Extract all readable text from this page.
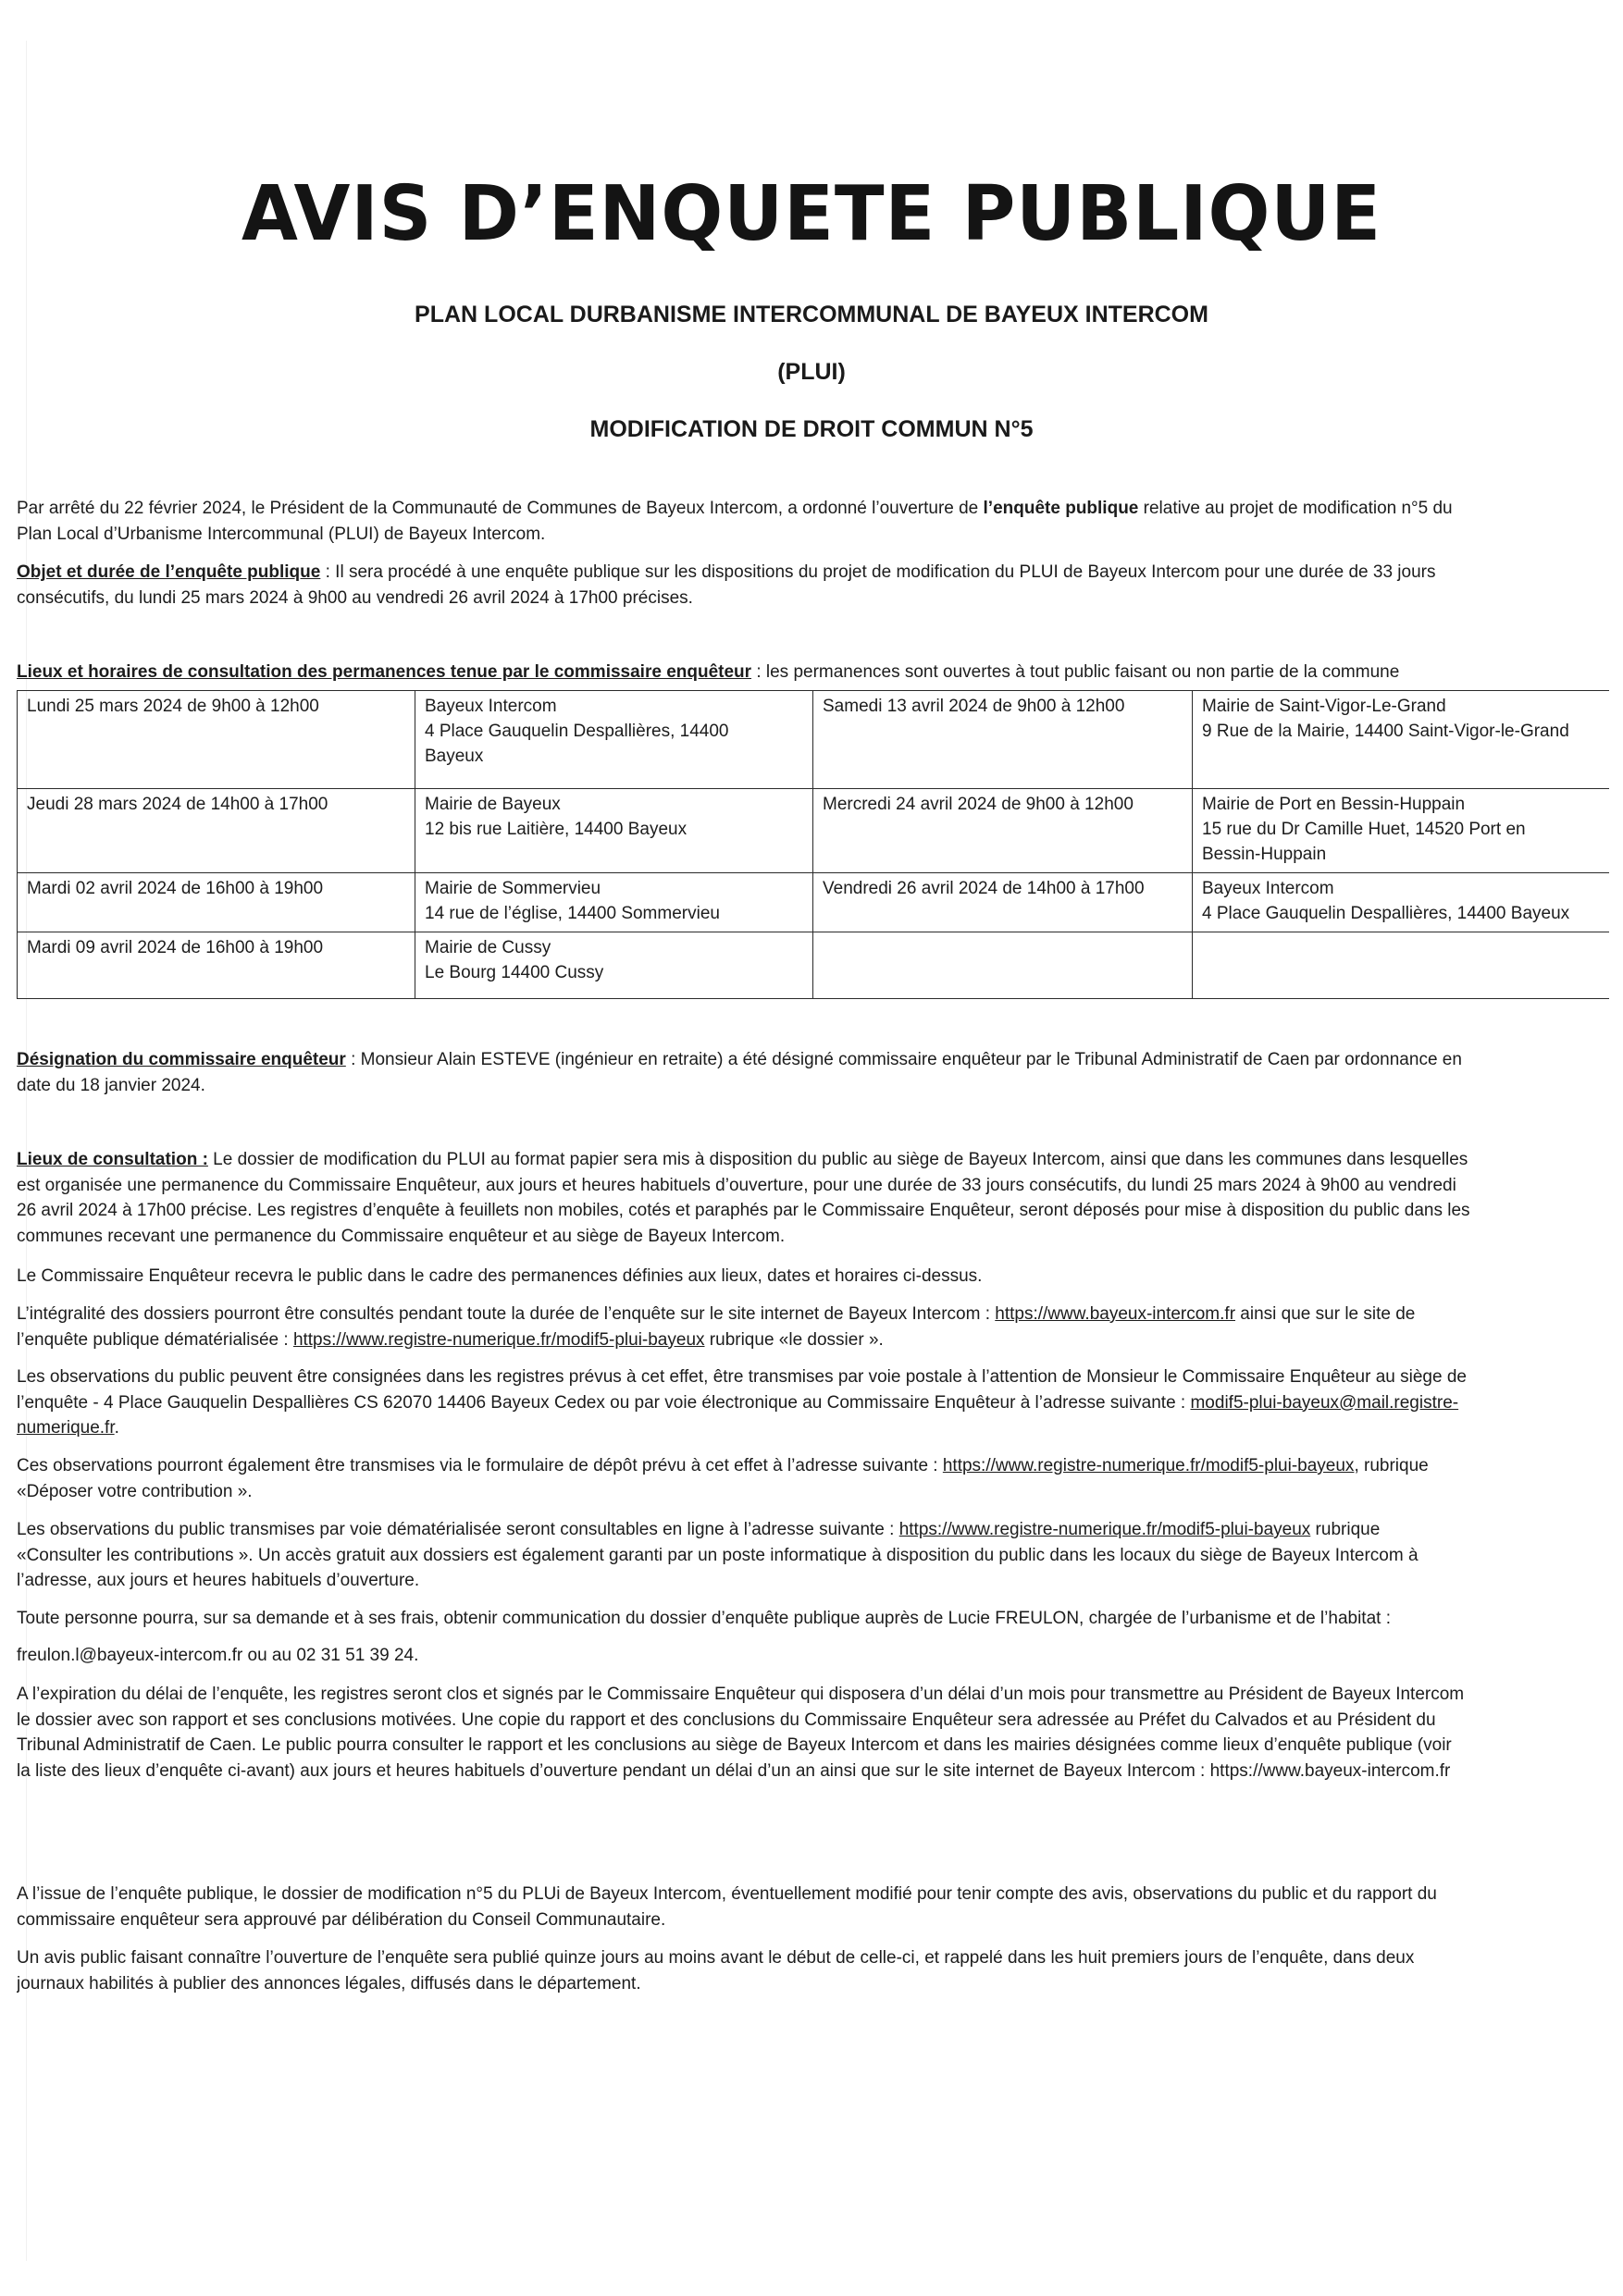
AVIS D’ENQUETE PUBLIQUE
PLAN LOCAL DURBANISME INTERCOMMUNAL DE BAYEUX INTERCOM
(PLUI)
MODIFICATION DE DROIT COMMUN N°5
Par arrêté du 22 février 2024, le Président de la Communauté de Communes de Bayeux Intercom, a ordonné l’ouverture de l’enquête publique relative au projet de modification n°5 du
Plan Local d’Urbanisme Intercommunal (PLUI) de Bayeux Intercom.
Objet et durée de l’enquête publique : Il sera procédé à une enquête publique sur les dispositions du projet de modification du PLUI de Bayeux Intercom pour une durée de 33 jours
consécutifs, du lundi 25 mars 2024 à 9h00 au vendredi 26 avril 2024 à 17h00 précises.
Lieux et horaires de consultation des permanences tenue par le commissaire enquêteur : les permanences sont ouvertes à tout public faisant ou non partie de la commune
Lundi 25 mars 2024 de 9h00 à 12h00	Bayeux Intercom
4 Place Gauquelin Despallières, 14400
Bayeux	Samedi 13 avril 2024 de 9h00 à 12h00	Mairie de Saint-Vigor-Le-Grand
9 Rue de la Mairie, 14400 Saint-Vigor-le-Grand
Jeudi 28 mars 2024 de 14h00 à 17h00	Mairie de Bayeux
12 bis rue Laitière, 14400 Bayeux	Mercredi 24 avril 2024 de 9h00 à 12h00	Mairie de Port en Bessin-Huppain
15 rue du Dr Camille Huet, 14520 Port en
Bessin-Huppain
Mardi 02 avril 2024 de 16h00 à 19h00	Mairie de Sommervieu
14 rue de l’église, 14400 Sommervieu	Vendredi 26 avril 2024 de 14h00 à 17h00	Bayeux Intercom
4 Place Gauquelin Despallières, 14400 Bayeux
Mardi 09 avril 2024 de 16h00 à 19h00	Mairie de Cussy
Le Bourg 14400 Cussy		
Désignation du commissaire enquêteur : Monsieur Alain ESTEVE (ingénieur en retraite) a été désigné commissaire enquêteur par le Tribunal Administratif de Caen par ordonnance en
date du 18 janvier 2024.
Lieux de consultation : Le dossier de modification du PLUI au format papier sera mis à disposition du public au siège de Bayeux Intercom, ainsi que dans les communes dans lesquelles
est organisée une permanence du Commissaire Enquêteur, aux jours et heures habituels d’ouverture, pour une durée de 33 jours consécutifs, du lundi 25 mars 2024 à 9h00 au vendredi
26 avril 2024 à 17h00 précise. Les registres d’enquête à feuillets non mobiles, cotés et paraphés par le Commissaire Enquêteur, seront déposés pour mise à disposition du public dans les
communes recevant une permanence du Commissaire enquêteur et au siège de Bayeux Intercom.
Le Commissaire Enquêteur recevra le public dans le cadre des permanences définies aux lieux, dates et horaires ci-dessus.
L’intégralité des dossiers pourront être consultés pendant toute la durée de l’enquête sur le site internet de Bayeux Intercom : https://www.bayeux-intercom.fr ainsi que sur le site de
l’enquête publique dématérialisée : https://www.registre-numerique.fr/modif5-plui-bayeux rubrique «le dossier ».
Les observations du public peuvent être consignées dans les registres prévus à cet effet, être transmises par voie postale à l’attention de Monsieur le Commissaire Enquêteur au siège de
l’enquête - 4 Place Gauquelin Despallières CS 62070 14406 Bayeux Cedex ou par voie électronique au Commissaire Enquêteur à l’adresse suivante : modif5-plui-bayeux@mail.registre-
numerique.fr.
Ces observations pourront également être transmises via le formulaire de dépôt prévu à cet effet à l’adresse suivante : https://www.registre-numerique.fr/modif5-plui-bayeux, rubrique
«Déposer votre contribution ».
Les observations du public transmises par voie dématérialisée seront consultables en ligne à l’adresse suivante : https://www.registre-numerique.fr/modif5-plui-bayeux rubrique
«Consulter les contributions ». Un accès gratuit aux dossiers est également garanti par un poste informatique à disposition du public dans les locaux du siège de Bayeux Intercom à
l’adresse, aux jours et heures habituels d’ouverture.
Toute personne pourra, sur sa demande et à ses frais, obtenir communication du dossier d’enquête publique auprès de Lucie FREULON, chargée de l’urbanisme et de l’habitat :
freulon.l@bayeux-intercom.fr ou au 02 31 51 39 24.
A l’expiration du délai de l’enquête, les registres seront clos et signés par le Commissaire Enquêteur qui disposera d’un délai d’un mois pour transmettre au Président de Bayeux Intercom
le dossier avec son rapport et ses conclusions motivées. Une copie du rapport et des conclusions du Commissaire Enquêteur sera adressée au Préfet du Calvados et au Président du
Tribunal Administratif de Caen. Le public pourra consulter le rapport et les conclusions au siège de Bayeux Intercom et dans les mairies désignées comme lieux d’enquête publique (voir
la liste des lieux d’enquête ci-avant) aux jours et heures habituels d’ouverture pendant un délai d’un an ainsi que sur le site internet de Bayeux Intercom : https://www.bayeux-intercom.fr
A l’issue de l’enquête publique, le dossier de modification n°5 du PLUi de Bayeux Intercom, éventuellement modifié pour tenir compte des avis, observations du public et du rapport du
commissaire enquêteur sera approuvé par délibération du Conseil Communautaire.
Un avis public faisant connaître l’ouverture de l’enquête sera publié quinze jours au moins avant le début de celle-ci, et rappelé dans les huit premiers jours de l’enquête, dans deux
journaux habilités à publier des annonces légales, diffusés dans le département.
